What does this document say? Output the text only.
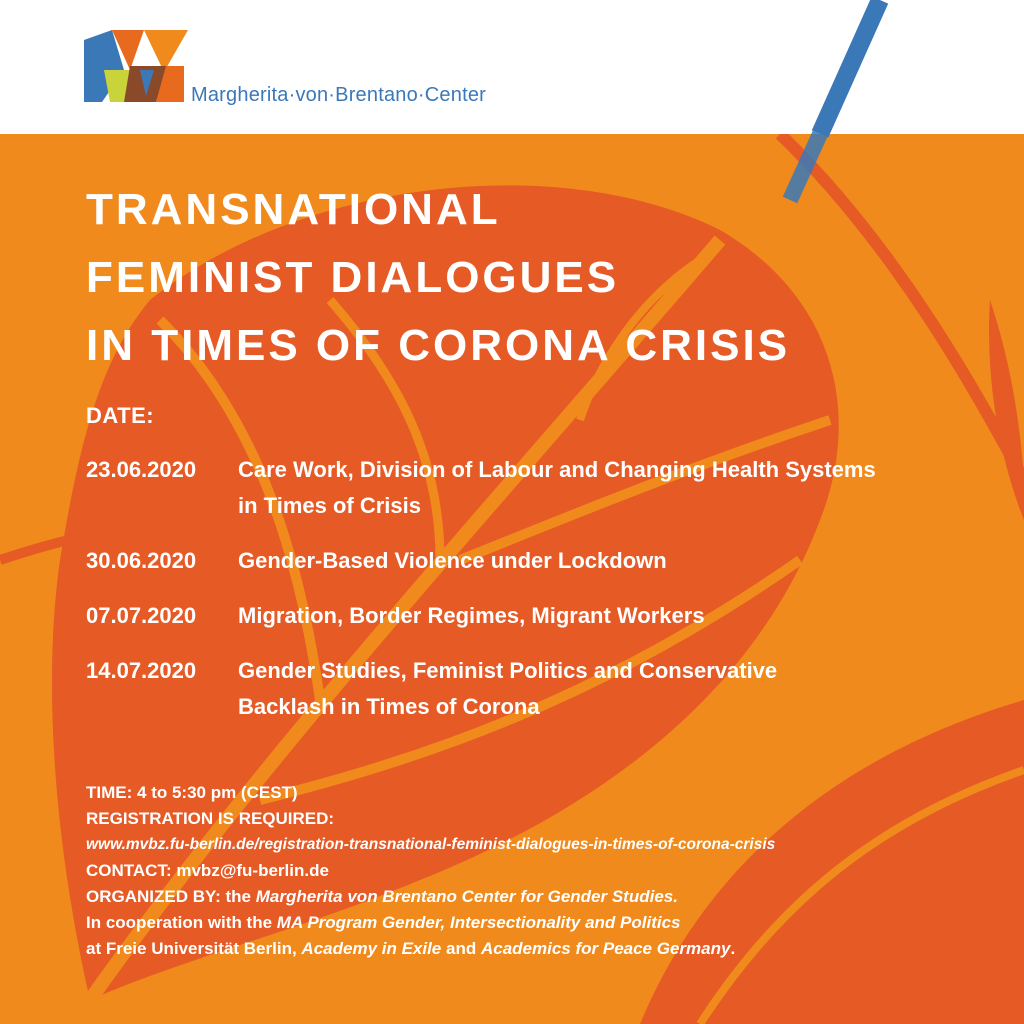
Margherita·von·Brentano·Center
TRANSNATIONAL
FEMINIST DIALOGUES
IN TIMES OF CORONA CRISIS
DATE:
23.06.2020	Care Work, Division of Labour and Changing Health Systems in Times of Crisis
30.06.2020	Gender-Based Violence under Lockdown
07.07.2020	Migration, Border Regimes, Migrant Workers
14.07.2020	Gender Studies, Feminist Politics and Conservative Backlash in Times of Corona
TIME: 4 to 5:30 pm (CEST)
REGISTRATION IS REQUIRED:
www.mvbz.fu-berlin.de/registration-transnational-feminist-dialogues-in-times-of-corona-crisis
CONTACT: mvbz@fu-berlin.de
ORGANIZED BY: the Margherita von Brentano Center for Gender Studies.
In cooperation with the MA Program Gender, Intersectionality and Politics
at Freie Universität Berlin, Academy in Exile and Academics for Peace Germany.
